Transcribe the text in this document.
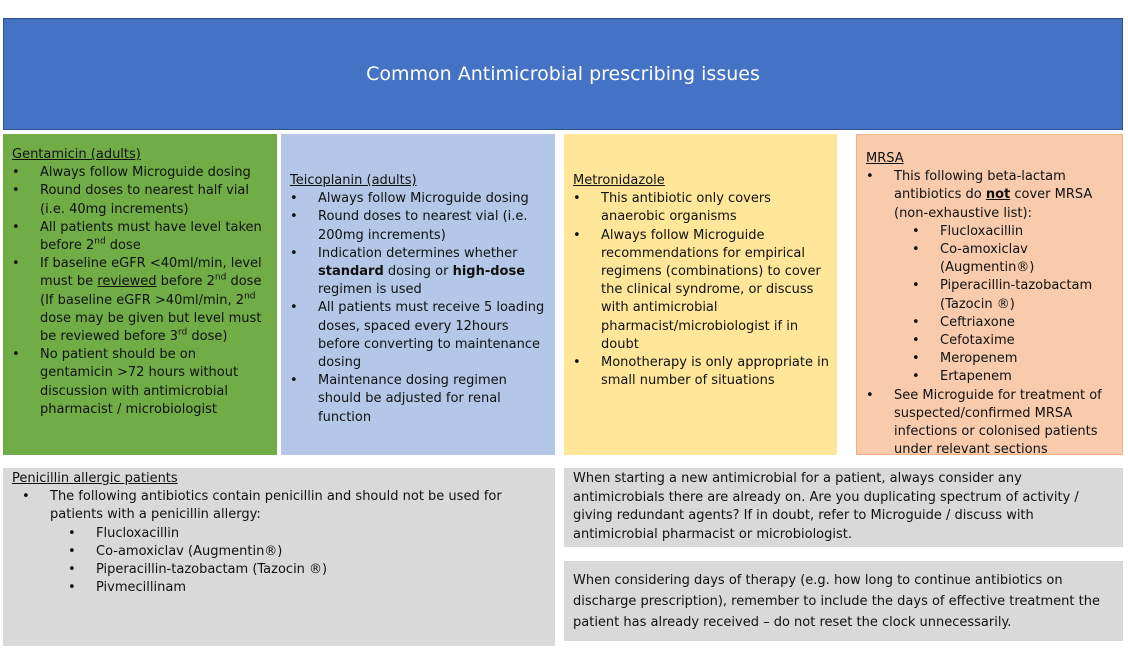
Common Antimicrobial prescribing issues
Gentamicin (adults)
• Always follow Microguide dosing
• Round doses to nearest half vial (i.e. 40mg increments)
• All patients must have level taken before 2nd dose
• If baseline eGFR <40ml/min, level must be reviewed before 2nd dose (If baseline eGFR >40ml/min, 2nd dose may be given but level must be reviewed before 3rd dose)
• No patient should be on gentamicin >72 hours without discussion with antimicrobial pharmacist / microbiologist
Teicoplanin (adults)
• Always follow Microguide dosing
• Round doses to nearest vial (i.e. 200mg increments)
• Indication determines whether standard dosing or high-dose regimen is used
• All patients must receive 5 loading doses, spaced every 12hours before converting to maintenance dosing
• Maintenance dosing regimen should be adjusted for renal function
Metronidazole
• This antibiotic only covers anaerobic organisms
• Always follow Microguide recommendations for empirical regimens (combinations) to cover the clinical syndrome, or discuss with antimicrobial pharmacist/microbiologist if in doubt
• Monotherapy is only appropriate in small number of situations
MRSA
• This following beta-lactam antibiotics do not cover MRSA (non-exhaustive list):
• Flucloxacillin
• Co-amoxiclav (Augmentin®)
• Piperacillin-tazobactam (Tazocin ®)
• Ceftriaxone
• Cefotaxime
• Meropenem
• Ertapenem
• See Microguide for treatment of suspected/confirmed MRSA infections or colonised patients under relevant sections
Penicillin allergic patients
• The following antibiotics contain penicillin and should not be used for patients with a penicillin allergy:
• Flucloxacillin
• Co-amoxiclav (Augmentin®)
• Piperacillin-tazobactam (Tazocin ®)
• Pivmecillinam
When starting a new antimicrobial for a patient, always consider any antimicrobials there are already on. Are you duplicating spectrum of activity / giving redundant agents? If in doubt, refer to Microguide / discuss with antimicrobial pharmacist or microbiologist.
When considering days of therapy (e.g. how long to continue antibiotics on discharge prescription), remember to include the days of effective treatment the patient has already received – do not reset the clock unnecessarily.
